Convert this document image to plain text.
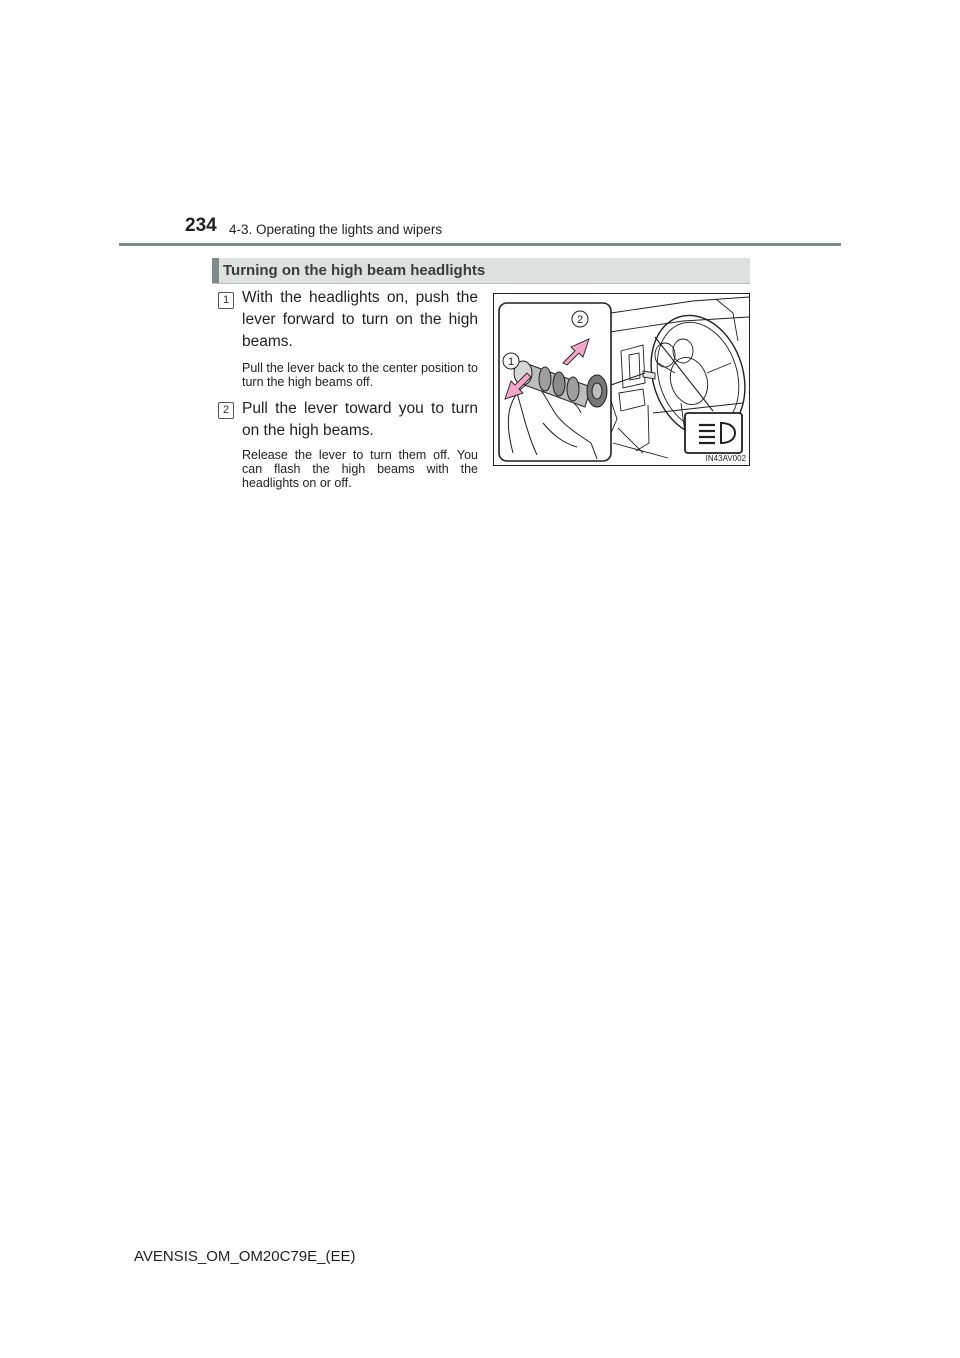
234 4-3. Operating the lights and wipers
Turning on the high beam headlights
1 With the headlights on, push the lever forward to turn on the high beams.
Pull the lever back to the center position to turn the high beams off.
2 Pull the lever toward you to turn on the high beams.
Release the lever to turn them off. You can flash the high beams with the headlights on or off.
1
2
IN43AV002
AVENSIS_OM_OM20C79E_(EE)
